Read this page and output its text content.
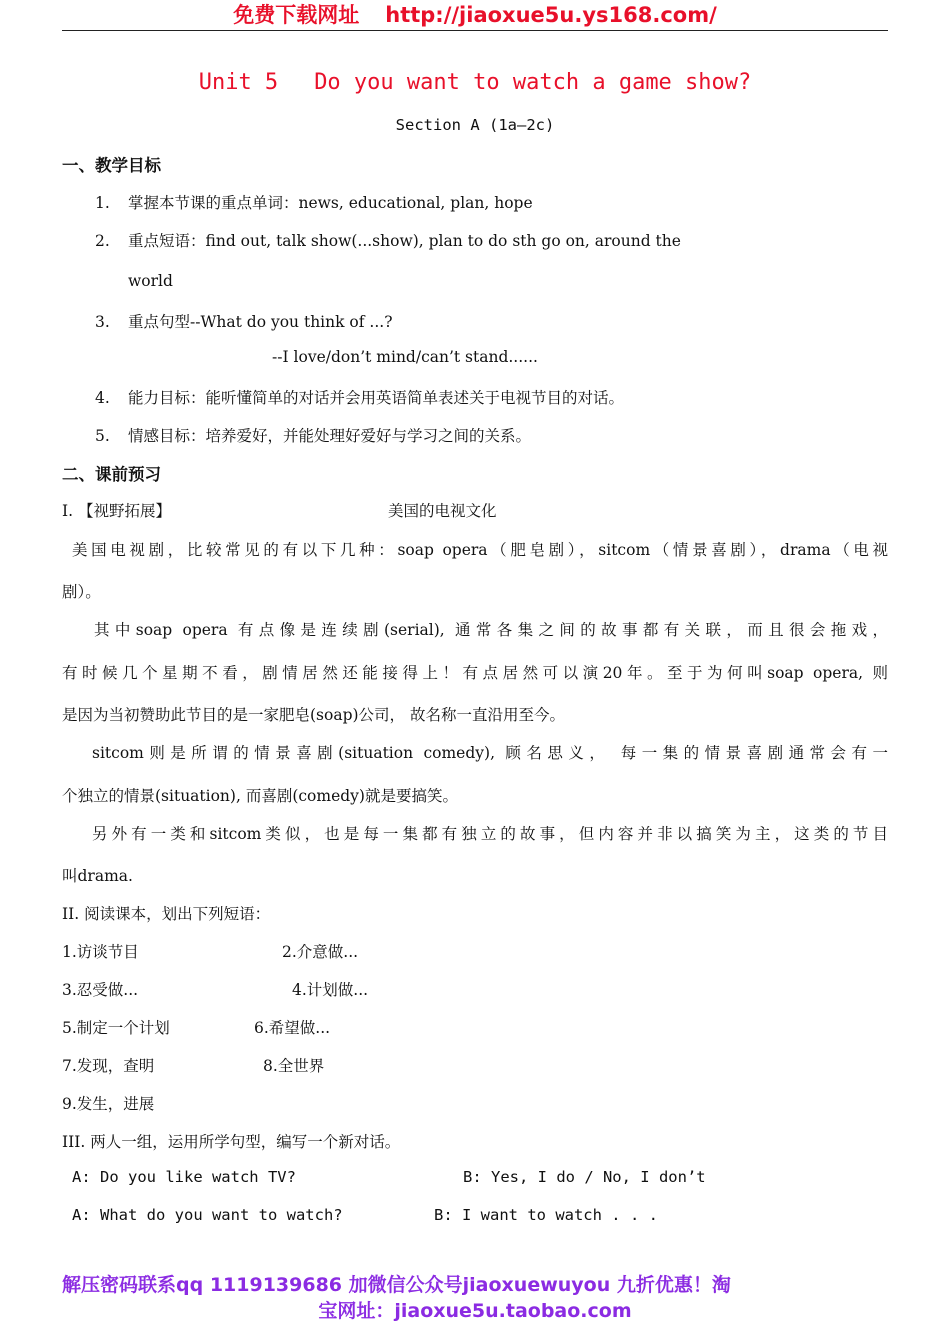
免费下载网址 http://jiaoxue5u.ys168.com/
Unit 5 Do you want to watch a game show?
Section A (1a—2c)
一、教学目标
1. 掌握本节课的重点单词：news, educational, plan, hope
2. 重点短语：find out, talk show(...show), plan to do sth go on, around the
world
3. 重点句型--What do you think of ...?
--I love/don’t mind/can’t stand......
4. 能力目标：能听懂简单的对话并会用英语简单表述关于电视节目的对话。
5. 情感目标：培养爱好，并能处理好爱好与学习之间的关系。
二、课前预习
I. 【视野拓展】	美国的电视文化
美国电视剧，比较常见的有以下几种：soap opera（肥皂剧），sitcom（情景喜剧），drama（电视
剧）。
其中soap opera 有点像是连续剧(serial), 通常各集之间的故事都有关联，而且很会拖戏，
有时候几个星期不看，剧情居然还能接得上！有点居然可以演20年。至于为何叫soap opera, 则
是因为当初赞助此节目的是一家肥皂(soap)公司， 故名称一直沿用至今。
sitcom则是所谓的情景喜剧(situation comedy), 顾名思义， 每一集的情景喜剧通常会有一
个独立的情景(situation), 而喜剧(comedy)就是要搞笑。
另外有一类和sitcom类似，也是每一集都有独立的故事，但内容并非以搞笑为主，这类的节目
叫drama.
II. 阅读课本，划出下列短语：
1.访谈节目	2.介意做...
3.忍受做...	4.计划做...
5.制定一个计划	6.希望做...
7.发现，查明	8.全世界
9.发生，进展
III. 两人一组，运用所学句型，编写一个新对话。
A: Do you like watch TV?	B: Yes, I do / No, I don’t
A: What do you want to watch?	B: I want to watch . . .
解压密码联系qq 1119139686 加微信公众号jiaoxuewuyou 九折优惠！淘
宝网址：jiaoxue5u.taobao.com
